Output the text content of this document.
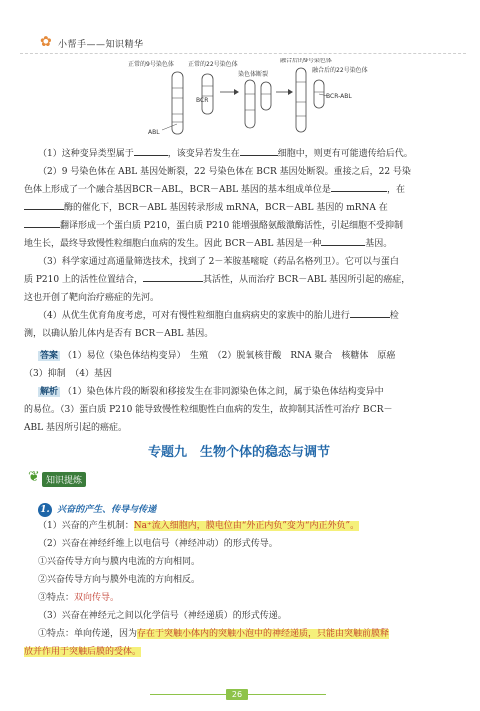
✿ 小帮手——知识精华
正常的9号染色体
ABL
正常的22号染色体
BCR
染色体断裂
融合后的9号染色体
融合后的22号染色体
BCR-ABL
（1）这种变异类型属于	，该变异若发生在	细胞中，则更有可能遗传给后代。
（2）9 号染色体在 ABL 基因处断裂，22 号染色体在 BCR 基因处断裂。重接之后，22 号染
色体上形成了一个融合基因BCR－ABL，BCR－ABL 基因的基本组成单位是	，在
酶的催化下，BCR－ABL 基因转录形成 mRNA，BCR－ABL 基因的 mRNA 在
翻译形成一个蛋白质 P210，蛋白质 P210 能增强酪氨酸激酶活性，引起细胞不受抑制
地生长，最终导致慢性粒细胞白血病的发生。因此 BCR－ABL 基因是一种	基因。
（3）科学家通过高通量筛选技术，找到了 2－苯胺基嘧啶（药品名格列卫）。它可以与蛋白
质 P210 上的活性位置结合，	其活性，从而治疗 BCR－ABL 基因所引起的癌症，
这也开创了靶向治疗癌症的先河。
（4）从优生优育角度考虑，可对有慢性粒细胞白血病病史的家族中的胎儿进行	检
测，以确认胎儿体内是否有 BCR－ABL 基因。
答案 （1）易位（染色体结构变异）　生殖　（2）脱氧核苷酸　RNA 聚合　核糖体　原癌
（3）抑制　（4）基因
解析 （1）染色体片段的断裂和移接发生在非同源染色体之间，属于染色体结构变异中
的易位。（3）蛋白质 P210 能导致慢性粒细胞性白血病的发生，故抑制其活性可治疗 BCR－
ABL 基因所引起的癌症。
专题九　生物个体的稳态与调节
❦ 知识提炼
1. 兴奋的产生、传导与传递
（1）兴奋的产生机制：Na⁺流入细胞内，膜电位由“外正内负”变为“内正外负”。
（2）兴奋在神经纤维上以电信号（神经冲动）的形式传导。
①兴奋传导方向与膜内电流的方向相同。
②兴奋传导方向与膜外电流的方向相反。
③特点：双向传导。
（3）兴奋在神经元之间以化学信号（神经递质）的形式传递。
①特点：单向传递，因为存在于突触小体内的突触小泡中的神经递质，只能由突触前膜释
放并作用于突触后膜的受体。
26
